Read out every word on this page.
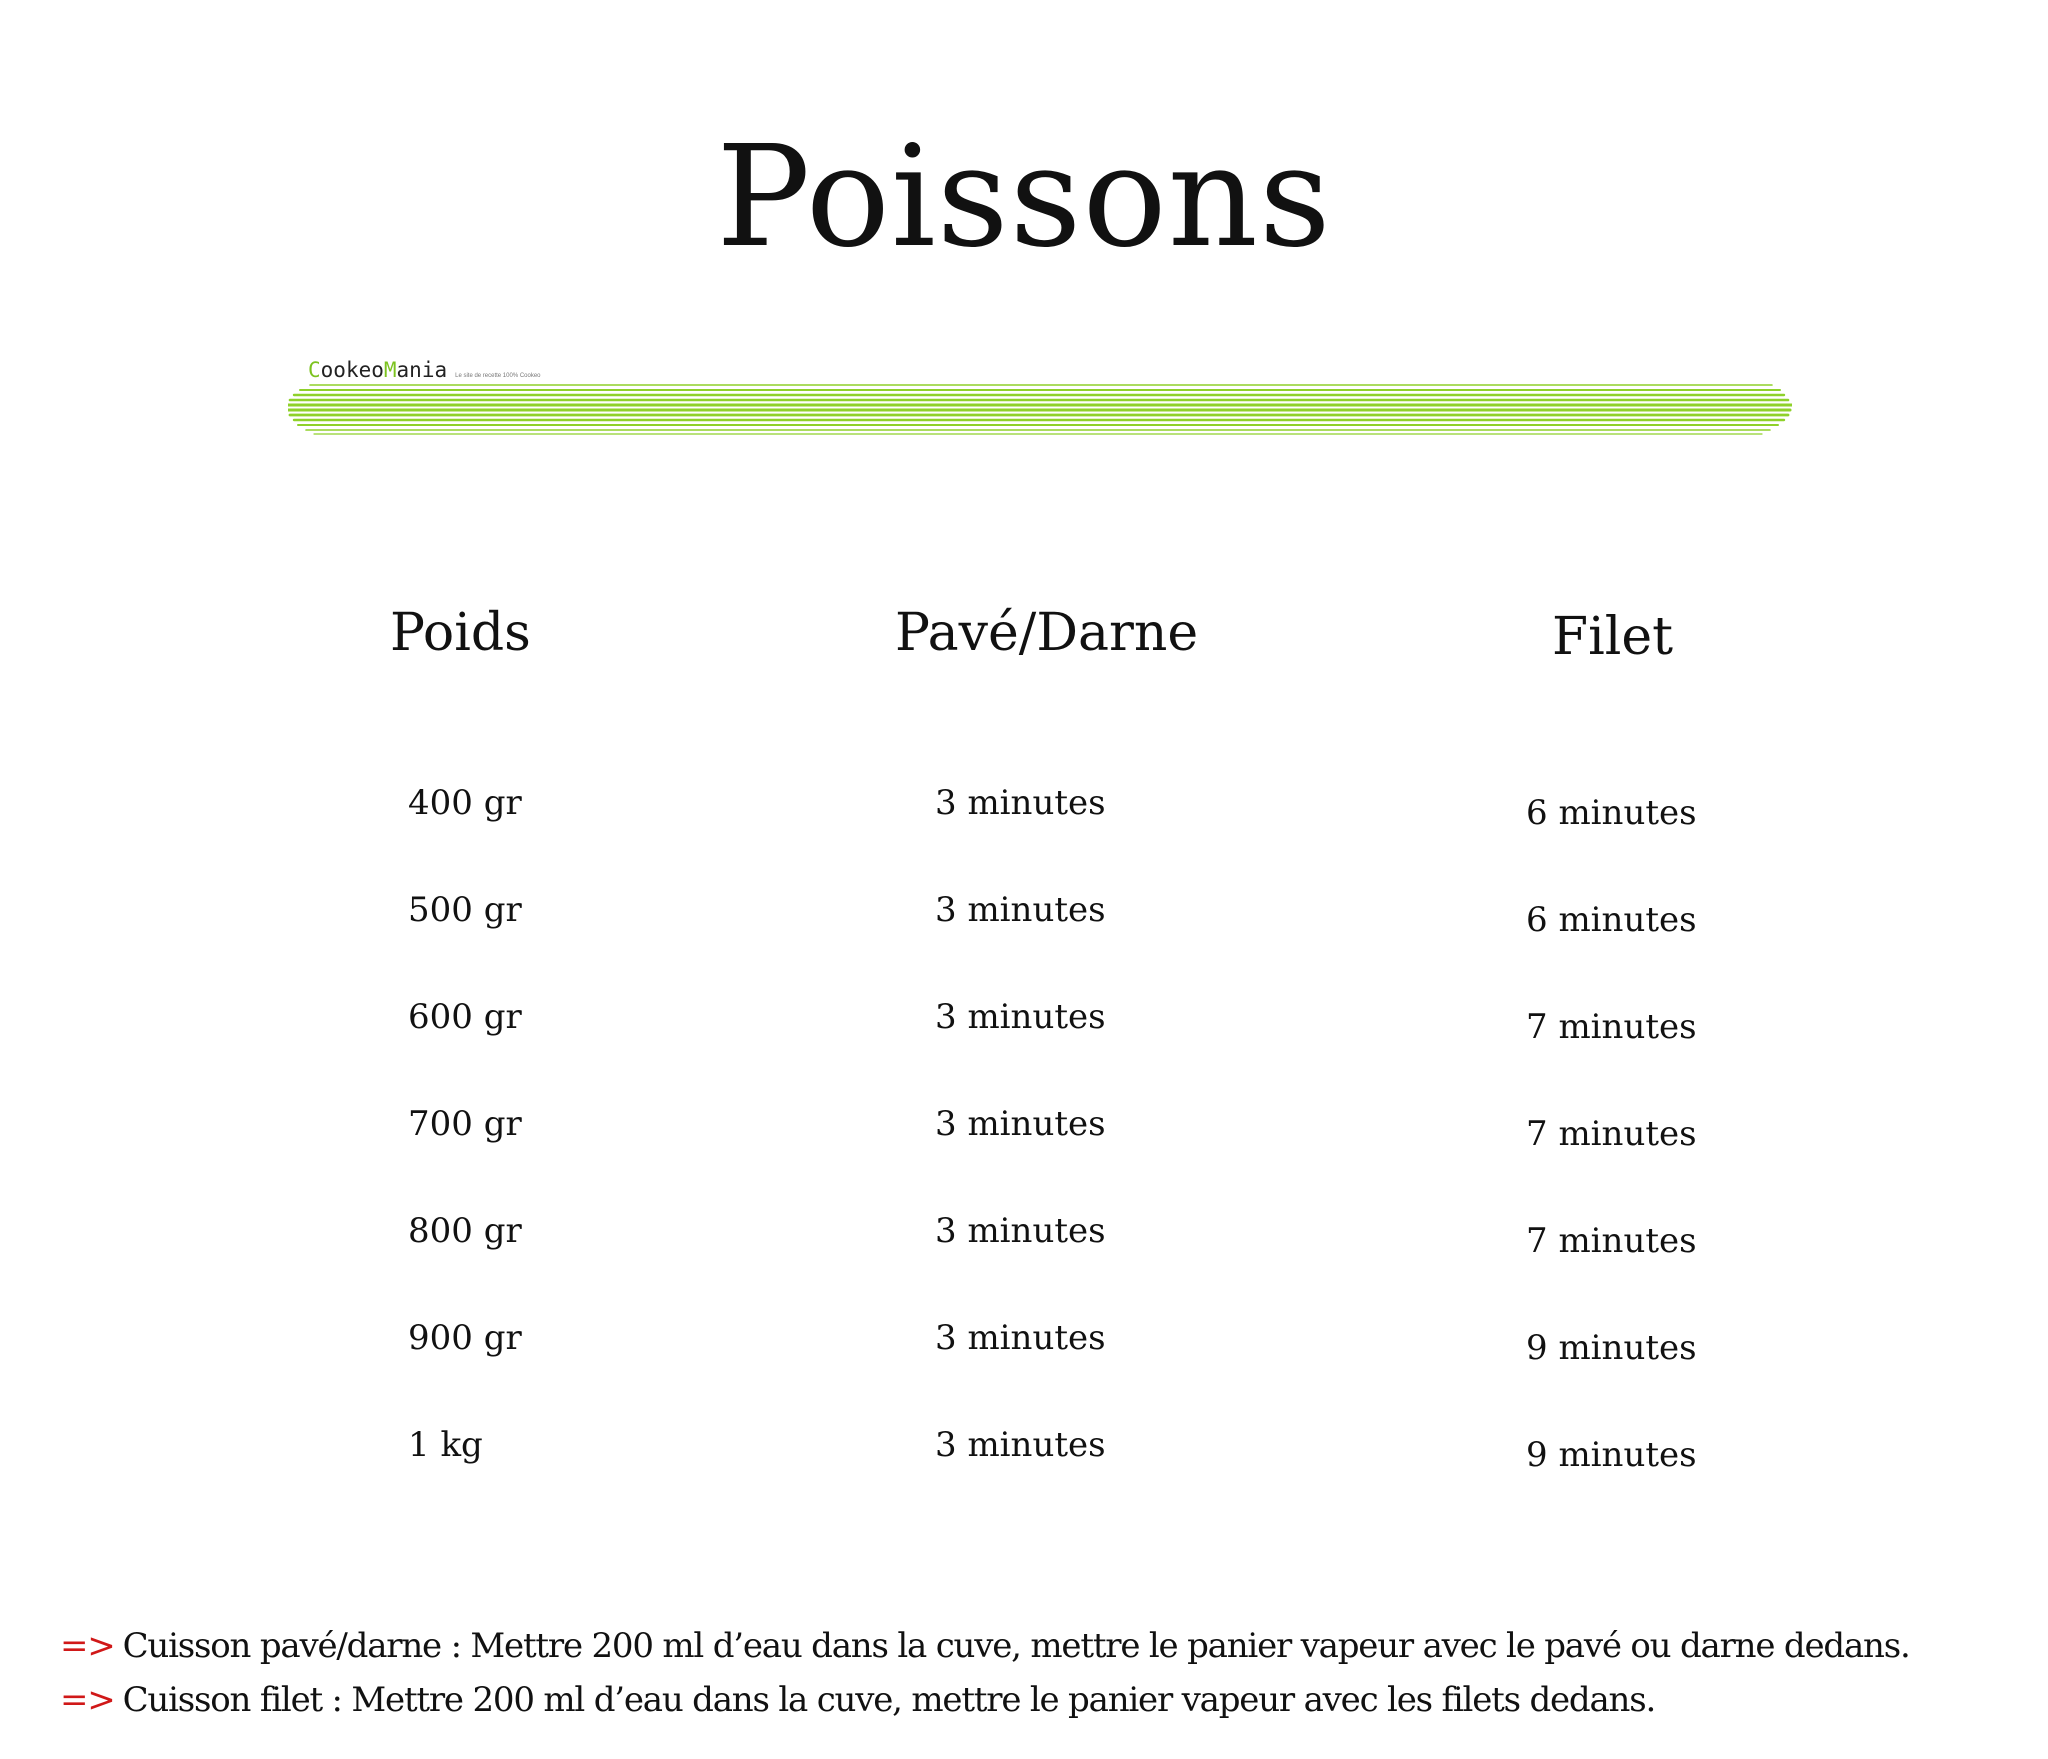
Poissons
CookeoMania Le site de recette 100% Cookeo
Poids	Pavé/Darne	Filet
400 gr	3 minutes	6 minutes
500 gr	3 minutes	6 minutes
600 gr	3 minutes	7 minutes
700 gr	3 minutes	7 minutes
800 gr	3 minutes	7 minutes
900 gr	3 minutes	9 minutes
1 kg	3 minutes	9 minutes
=> Cuisson pavé/darne : Mettre 200 ml d’eau dans la cuve, mettre le panier vapeur avec le pavé ou darne dedans.
=> Cuisson filet : Mettre 200 ml d’eau dans la cuve, mettre le panier vapeur avec les filets dedans.
